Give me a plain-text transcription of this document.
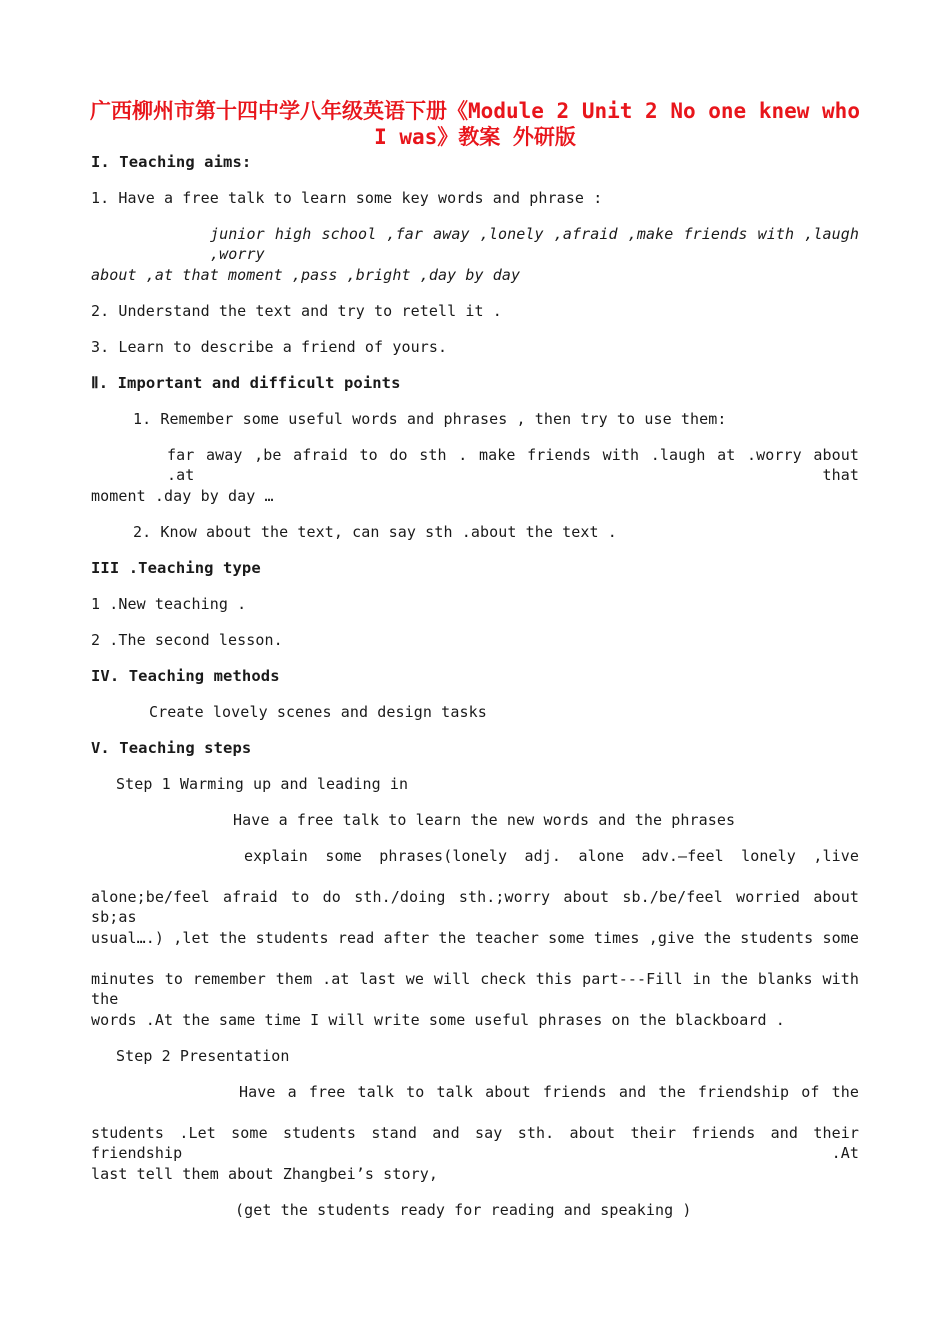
广西柳州市第十四中学八年级英语下册《Module 2 Unit 2 No one knew who
I was》教案 外研版
I. Teaching aims:
1. Have a free talk to learn some key words and phrase :
junior high school ,far away ,lonely ,afraid ,make friends with ,laugh ,worry
about ,at that moment ,pass ,bright ,day by day
2. Understand the text and try to retell it .
3. Learn to describe a friend of yours.
Ⅱ. Important and difficult points
1. Remember some useful words and phrases , then try to use them:
far away ,be afraid to do sth . make friends with .laugh at .worry about .at that
moment .day by day …
2. Know about the text, can say sth .about the text .
III .Teaching type
1 .New teaching .
2 .The second lesson.
IV. Teaching methods
Create lovely scenes and design tasks
V. Teaching steps
Step 1 Warming up and leading in
Have a free talk to learn the new words and the phrases
explain some phrases(lonely adj. alone adv.—feel lonely ,live
alone;be/feel afraid to do sth./doing sth.;worry about sb./be/feel worried about sb;as
usual….) ,let the students read after the teacher some times ,give the students some
minutes to remember them .at last we will check this part---Fill in the blanks with the
words .At the same time I will write some useful phrases on the blackboard .
Step 2 Presentation
Have a free talk to talk about friends and the friendship of the
students .Let some students stand and say sth. about their friends and their friendship .At
last tell them about Zhangbei’s story,
(get the students ready for reading and speaking )
